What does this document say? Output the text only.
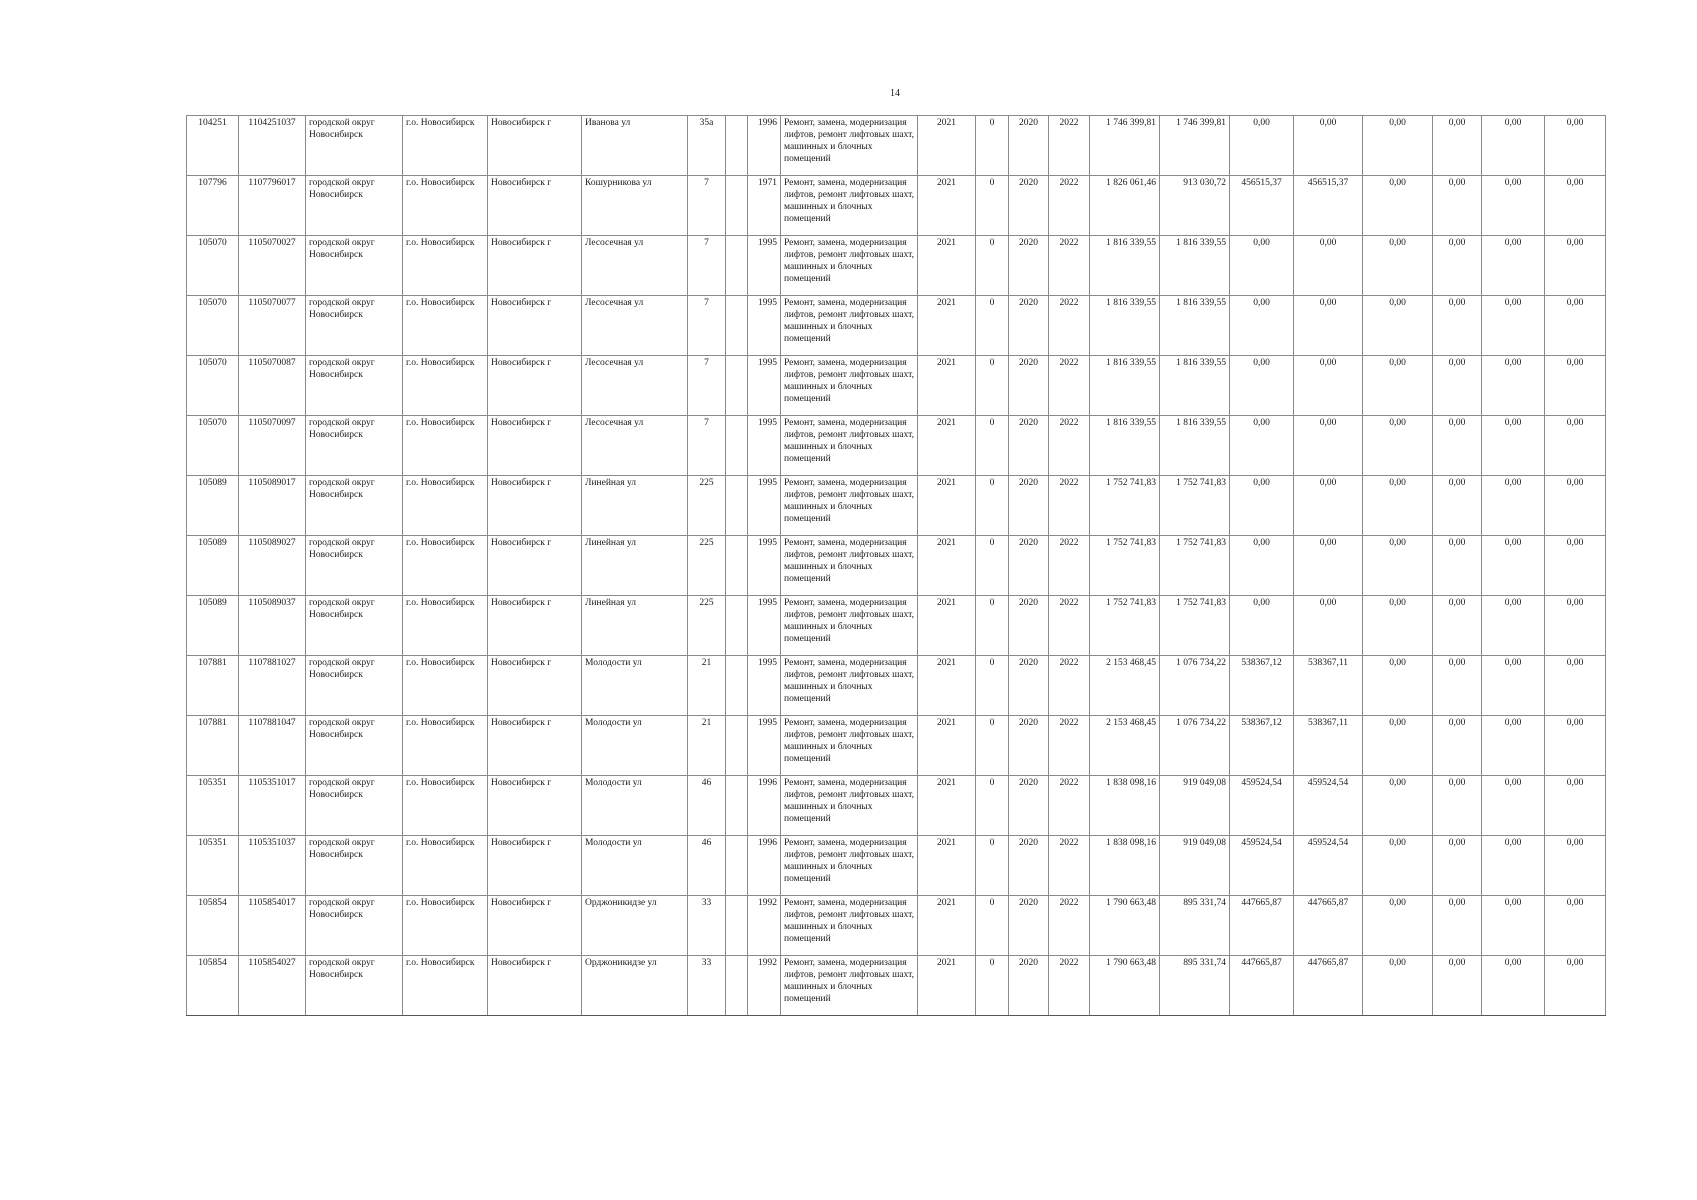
14
104251	1104251037	городской округ Новосибирск	г.о. Новосибирск	Новосибирск г	Иванова ул	35а		1996	Ремонт, замена, модернизация лифтов, ремонт лифтовых шахт, машинных и блочных помещений	2021	0	2020	2022	1 746 399,81	1 746 399,81	0,00	0,00	0,00	0,00	0,00	0,00
107796	1107796017	городской округ Новосибирск	г.о. Новосибирск	Новосибирск г	Кошурникова ул	7		1971	Ремонт, замена, модернизация лифтов, ремонт лифтовых шахт, машинных и блочных помещений	2021	0	2020	2022	1 826 061,46	913 030,72	456515,37	456515,37	0,00	0,00	0,00	0,00
105070	1105070027	городской округ Новосибирск	г.о. Новосибирск	Новосибирск г	Лесосечная ул	7		1995	Ремонт, замена, модернизация лифтов, ремонт лифтовых шахт, машинных и блочных помещений	2021	0	2020	2022	1 816 339,55	1 816 339,55	0,00	0,00	0,00	0,00	0,00	0,00
105070	1105070077	городской округ Новосибирск	г.о. Новосибирск	Новосибирск г	Лесосечная ул	7		1995	Ремонт, замена, модернизация лифтов, ремонт лифтовых шахт, машинных и блочных помещений	2021	0	2020	2022	1 816 339,55	1 816 339,55	0,00	0,00	0,00	0,00	0,00	0,00
105070	1105070087	городской округ Новосибирск	г.о. Новосибирск	Новосибирск г	Лесосечная ул	7		1995	Ремонт, замена, модернизация лифтов, ремонт лифтовых шахт, машинных и блочных помещений	2021	0	2020	2022	1 816 339,55	1 816 339,55	0,00	0,00	0,00	0,00	0,00	0,00
105070	1105070097	городской округ Новосибирск	г.о. Новосибирск	Новосибирск г	Лесосечная ул	7		1995	Ремонт, замена, модернизация лифтов, ремонт лифтовых шахт, машинных и блочных помещений	2021	0	2020	2022	1 816 339,55	1 816 339,55	0,00	0,00	0,00	0,00	0,00	0,00
105089	1105089017	городской округ Новосибирск	г.о. Новосибирск	Новосибирск г	Линейная ул	225		1995	Ремонт, замена, модернизация лифтов, ремонт лифтовых шахт, машинных и блочных помещений	2021	0	2020	2022	1 752 741,83	1 752 741,83	0,00	0,00	0,00	0,00	0,00	0,00
105089	1105089027	городской округ Новосибирск	г.о. Новосибирск	Новосибирск г	Линейная ул	225		1995	Ремонт, замена, модернизация лифтов, ремонт лифтовых шахт, машинных и блочных помещений	2021	0	2020	2022	1 752 741,83	1 752 741,83	0,00	0,00	0,00	0,00	0,00	0,00
105089	1105089037	городской округ Новосибирск	г.о. Новосибирск	Новосибирск г	Линейная ул	225		1995	Ремонт, замена, модернизация лифтов, ремонт лифтовых шахт, машинных и блочных помещений	2021	0	2020	2022	1 752 741,83	1 752 741,83	0,00	0,00	0,00	0,00	0,00	0,00
107881	1107881027	городской округ Новосибирск	г.о. Новосибирск	Новосибирск г	Молодости ул	21		1995	Ремонт, замена, модернизация лифтов, ремонт лифтовых шахт, машинных и блочных помещений	2021	0	2020	2022	2 153 468,45	1 076 734,22	538367,12	538367,11	0,00	0,00	0,00	0,00
107881	1107881047	городской округ Новосибирск	г.о. Новосибирск	Новосибирск г	Молодости ул	21		1995	Ремонт, замена, модернизация лифтов, ремонт лифтовых шахт, машинных и блочных помещений	2021	0	2020	2022	2 153 468,45	1 076 734,22	538367,12	538367,11	0,00	0,00	0,00	0,00
105351	1105351017	городской округ Новосибирск	г.о. Новосибирск	Новосибирск г	Молодости ул	46		1996	Ремонт, замена, модернизация лифтов, ремонт лифтовых шахт, машинных и блочных помещений	2021	0	2020	2022	1 838 098,16	919 049,08	459524,54	459524,54	0,00	0,00	0,00	0,00
105351	1105351037	городской округ Новосибирск	г.о. Новосибирск	Новосибирск г	Молодости ул	46		1996	Ремонт, замена, модернизация лифтов, ремонт лифтовых шахт, машинных и блочных помещений	2021	0	2020	2022	1 838 098,16	919 049,08	459524,54	459524,54	0,00	0,00	0,00	0,00
105854	1105854017	городской округ Новосибирск	г.о. Новосибирск	Новосибирск г	Орджоникидзе ул	33		1992	Ремонт, замена, модернизация лифтов, ремонт лифтовых шахт, машинных и блочных помещений	2021	0	2020	2022	1 790 663,48	895 331,74	447665,87	447665,87	0,00	0,00	0,00	0,00
105854	1105854027	городской округ Новосибирск	г.о. Новосибирск	Новосибирск г	Орджоникидзе ул	33		1992	Ремонт, замена, модернизация лифтов, ремонт лифтовых шахт, машинных и блочных помещений	2021	0	2020	2022	1 790 663,48	895 331,74	447665,87	447665,87	0,00	0,00	0,00	0,00
